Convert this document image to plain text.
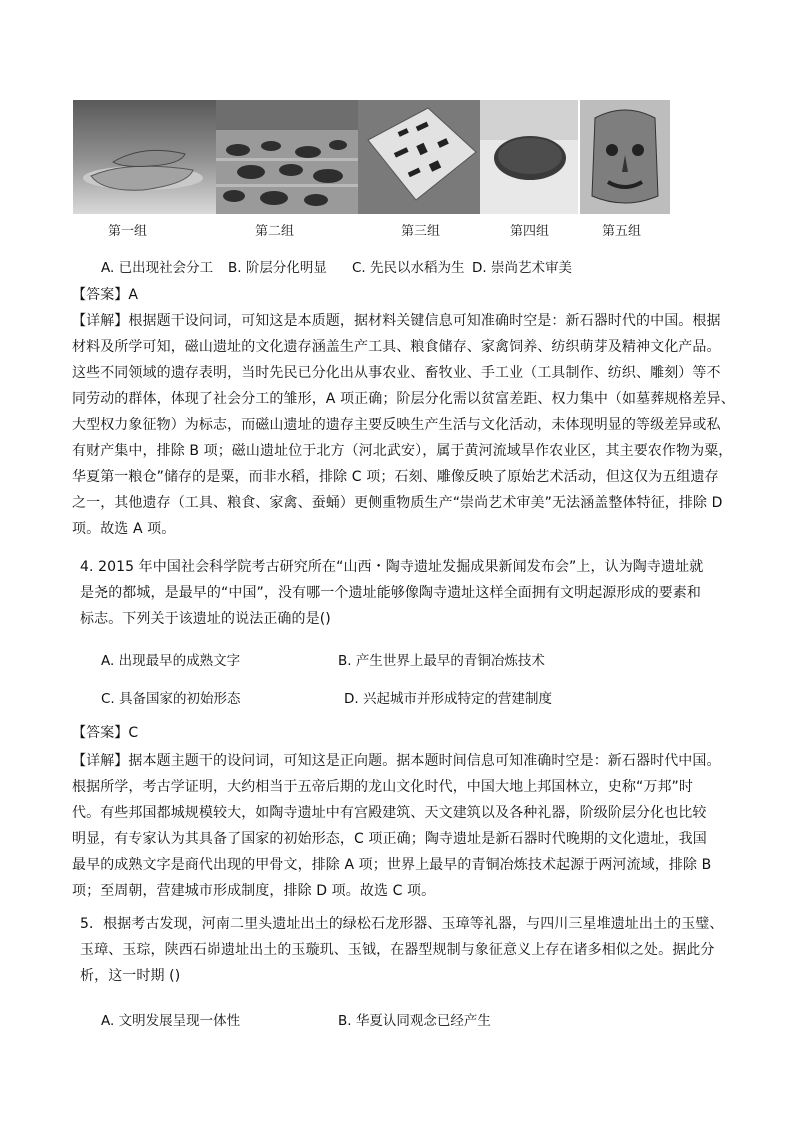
第一组	第二组	第三组	第四组	第五组
A. 已出现社会分工 B. 阶层分化明显 C. 先民以水稻为生 D. 崇尚艺术审美
【答案】A
【详解】根据题干设问词，可知这是本质题，据材料关键信息可知准确时空是：新石器时代的中国。根据
材料及所学可知，磁山遗址的文化遗存涵盖生产工具、粮食储存、家禽饲养、纺织萌芽及精神文化产品。
这些不同领域的遗存表明，当时先民已分化出从事农业、畜牧业、手工业（工具制作、纺织、雕刻）等不
同劳动的群体，体现了社会分工的雏形，A 项正确；阶层分化需以贫富差距、权力集中（如墓葬规格差异、
大型权力象征物）为标志，而磁山遗址的遗存主要反映生产生活与文化活动，未体现明显的等级差异或私
有财产集中，排除 B 项；磁山遗址位于北方（河北武安），属于黄河流域旱作农业区，其主要农作物为粟，
华夏第一粮仓”储存的是粟，而非水稻，排除 C 项；石刻、雕像反映了原始艺术活动，但这仅为五组遗存
之一，其他遗存（工具、粮食、家禽、蚕蛹）更侧重物质生产“崇尚艺术审美”无法涵盖整体特征，排除 D
项。故选 A 项。
4. 2015 年中国社会科学院考古研究所在“山西・陶寺遗址发掘成果新闻发布会”上，认为陶寺遗址就
是尧的都城，是最早的“中国”，没有哪一个遗址能够像陶寺遗址这样全面拥有文明起源形成的要素和
标志。下列关于该遗址的说法正确的是()
A. 出现最早的成熟文字	B. 产生世界上最早的青铜冶炼技术
C. 具备国家的初始形态	D. 兴起城市并形成特定的营建制度
【答案】C
【详解】据本题主题干的设问词，可知这是正向题。据本题时间信息可知准确时空是：新石器时代中国。
根据所学，考古学证明，大约相当于五帝后期的龙山文化时代，中国大地上邦国林立，史称“万邦”时
代。有些邦国都城规模较大，如陶寺遗址中有宫殿建筑、天文建筑以及各种礼器，阶级阶层分化也比较
明显，有专家认为其具备了国家的初始形态，C 项正确；陶寺遗址是新石器时代晚期的文化遗址，我国
最早的成熟文字是商代出现的甲骨文，排除 A 项；世界上最早的青铜冶炼技术起源于两河流域，排除 B
项；至周朝，营建城市形成制度，排除 D 项。故选 C 项。
5．根据考古发现，河南二里头遗址出土的绿松石龙形器、玉璋等礼器，与四川三星堆遗址出土的玉璧、
玉璋、玉琮，陕西石峁遗址出土的玉璇玑、玉钺，在器型规制与象征意义上存在诸多相似之处。据此分
析，这一时期 ()
A. 文明发展呈现一体性	B. 华夏认同观念已经产生
